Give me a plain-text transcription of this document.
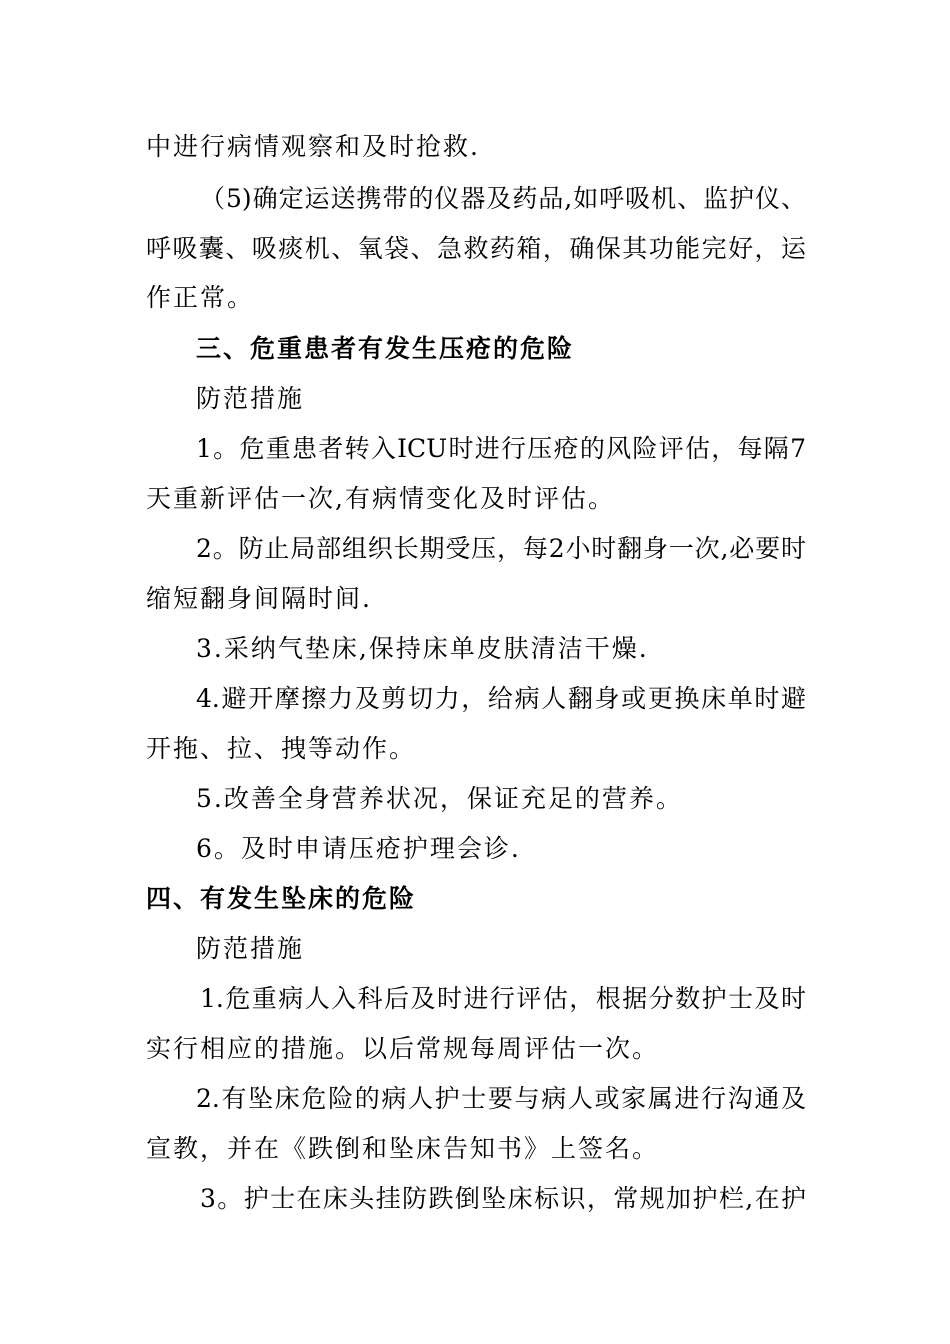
中进行病情观察和及时抢救.
（5)确定运送携带的仪器及药品,如呼吸机、监护仪、
呼吸囊、吸痰机、氧袋、急救药箱，确保其功能完好，运
作正常。
三、危重患者有发生压疮的危险
防范措施
1。危重患者转入ICU时进行压疮的风险评估，每隔7
天重新评估一次,有病情变化及时评估。
2。防止局部组织长期受压，每2小时翻身一次,必要时
缩短翻身间隔时间.
3.采纳气垫床,保持床单皮肤清洁干燥.
4.避开摩擦力及剪切力，给病人翻身或更换床单时避
开拖、拉、拽等动作。
5.改善全身营养状况，保证充足的营养。
6。及时申请压疮护理会诊.
四、有发生坠床的危险
防范措施
1.危重病人入科后及时进行评估，根据分数护士及时
实行相应的措施。以后常规每周评估一次。
2.有坠床危险的病人护士要与病人或家属进行沟通及
宣教，并在《跌倒和坠床告知书》上签名。
3。护士在床头挂防跌倒坠床标识，常规加护栏,在护
